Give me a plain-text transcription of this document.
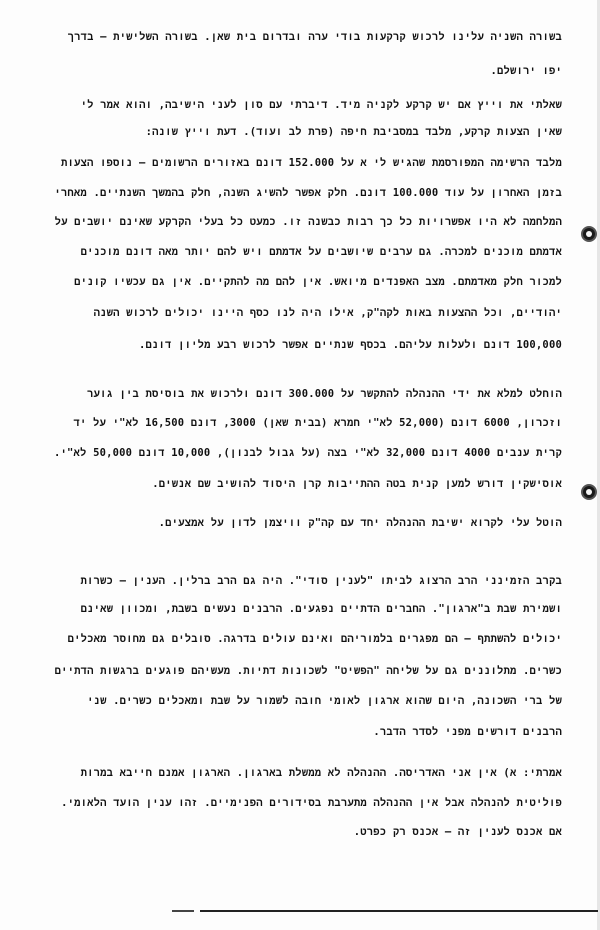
בשורה השניה עלינו לרכוש קרקעות בודי ערה ובדרום בית שאן. בשורה השלישית – בדרך
יפו ירושלם.
שאלתי את וייץ אם יש קרקע לקניה מיד. דיברתי עם סון לעני הישיבה, והוא אמר לי
שאין הצעות קרקע, מלבד במסביבת חיפה (פרת לב ועוד). דעת וייץ שונה:
מלבד הרשימה המפורסמת שהגיש לי א על 152.000 דונם באזורים הרשומים – נוספו הצעות
בזמן האחרון על עוד 100.000 דונם. חלק אפשר להשיג השנה, חלק בהמשך השנתיים. מאחרי
המלחמה לא היו אפשרויות כל כך רבות כבשנה זו. כמעט כל בעלי הקרקע שאינם יושבים על
אדמתם מוכנים למכרה. גם ערבים שיושבים על אדמתם ויש להם יותר מאה דונם מוכנים
למכור חלק מאדמתם. מצב האפנדים מיואש. אין להם מה להתקיים. אין גם עכשיו קונים
יהודיים, וכל ההצעות באות לקה"ק, אילו היה לנו כסף היינו יכולים לרכוש השנה
100,000 דונם ולעלות עליהם. בכסף שנתיים אפשר לרכוש רבע מליון דונם.
הוחלט למלא את ידי ההנהלה להתקשר על 300.000 דונם ולרכוש את בוסיסת בין גוער
וזכרון, 6000 דונם (52,000 לא"י חמרא (בבית שאן) 3000, דונם 16,500 לא"י על יד
קרית ענבים 4000 דונם 32,000 לא"י בצה (על גבול לבנון), 10,000 דונם 50,000 לא"י.
אוסישקין דורש למען קנית בטה ההתייבות קרן היסוד להושיב שם אנשים.
הוטל עלי לקרוא ישיבת ההנהלה יחד עם קה"ק וויצמן לדון על אמצעים.
בקרב הזמינני הרב הרצוג לביתו "לענין סודי". היה גם הרב ברלין. הענין – כשרות
ושמירת שבת ב"ארגון". החברים הדתיים נפגעים. הרבנים נעשים בשבת, ומכוון שאינם
יכולים להשתתף – הם מפגרים בלמוריהם ואינם עולים בדרגה. סובלים גם מחוסר מאכלים
כשרים. מתלוננים גם על שליחה "הפשיט" לשכונות דתיות. מעשיהם פוגעים ברגשות הדתיים
של ברי השכונה, היום שהוא ארגון לאומי חובה לשמור על שבת ומאכלים כשרים. שני
הרבנים דורשים מפני לסדר הדבר.
אמרתי: א) אין אני האדריסה. ההנהלה לא ממשלת בארגון. הארגון אמנם חייבא במרות
פוליטית להנהלה אבל אין ההנהלה מתערבת בסידורים הפנימיים. זהו ענין הועד הלאומי.
אם אכנס לענין זה – אכנס רק כפרט.
